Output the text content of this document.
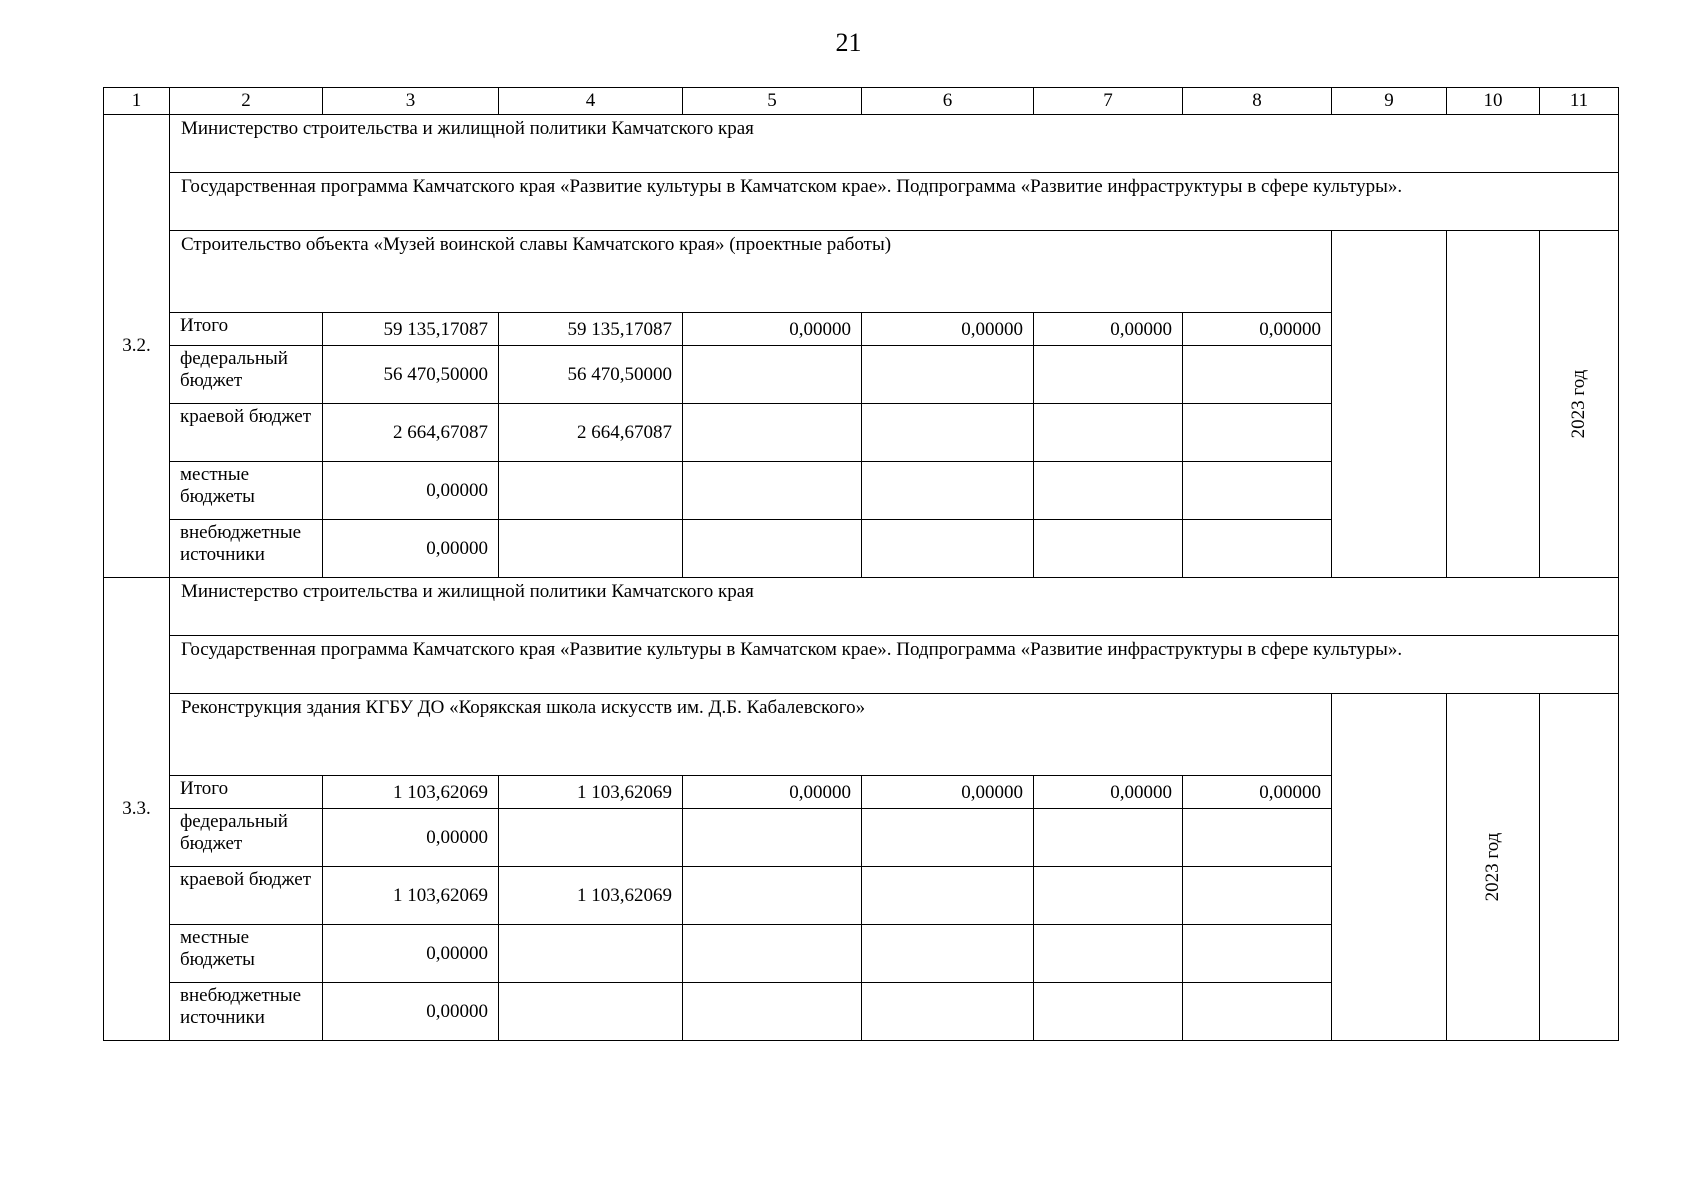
21
1	2	3	4	5	6	7	8	9	10	11
3.2.	Министерство строительства и жилищной политики Камчатского края									
	Государственная программа Камчатского края «Развитие культуры в Камчатском крае». Подпрограмма «Развитие инфраструктуры в сфере культуры».									
	Строительство объекта «Музей воинской славы Камчатского края» (проектные работы)									2023 год

	Итого	59 135,17087	59 135,17087	0,00000	0,00000	0,00000	0,00000			
	федеральный бюджет	56 470,50000	56 470,50000							
	краевой бюджет	2 664,67087	2 664,67087							
	местные бюджеты	0,00000								
	внебюджетные источники	0,00000								
3.3.	Министерство строительства и жилищной политики Камчатского края									
	Государственная программа Камчатского края «Развитие культуры в Камчатском крае». Подпрограмма «Развитие инфраструктуры в сфере культуры».									
	Реконструкция здания КГБУ ДО «Корякская школа искусств им. Д.Б. Кабалевского»								2023 год	

	Итого	1 103,62069	1 103,62069	0,00000	0,00000	0,00000	0,00000			
	федеральный бюджет	0,00000								
	краевой бюджет	1 103,62069	1 103,62069							
	местные бюджеты	0,00000								
	внебюджетные источники	0,00000								
